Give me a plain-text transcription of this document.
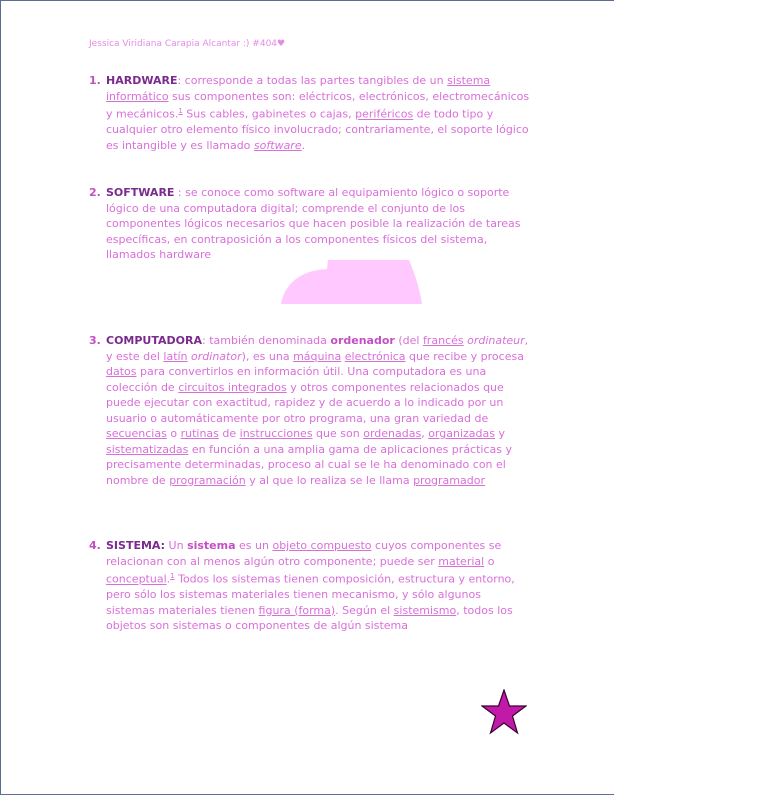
Jessica Viridiana Carapia Alcantar :) #404♥
1. HARDWARE: corresponde a todas las partes tangibles de un sistema informático sus componentes son: eléctricos, electrónicos, electromecánicos y mecánicos.$^1$ Sus cables, gabinetes o cajas, periféricos de todo tipo y cualquier otro elemento físico involucrado; contrariamente, el soporte lógico es intangible y es llamado software.
2. SOFTWARE : se conoce como software al equipamiento lógico o soporte lógico de una computadora digital; comprende el conjunto de los componentes lógicos necesarios que hacen posible la realización de tareas específicas, en contraposición a los componentes físicos del sistema, llamados hardware
3. COMPUTADORA: también denominada ordenador (del francés ordinateur, y este del latín ordinator), es una máquina electrónica que recibe y procesa datos para convertirlos en información útil. Una computadora es una colección de circuitos integrados y otros componentes relacionados que puede ejecutar con exactitud, rapidez y de acuerdo a lo indicado por un usuario o automáticamente por otro programa, una gran variedad de secuencias o rutinas de instrucciones que son ordenadas, organizadas y sistematizadas en función a una amplia gama de aplicaciones prácticas y precisamente determinadas, proceso al cual se le ha denominado con el nombre de programación y al que lo realiza se le llama programador
4. SISTEMA: Un sistema es un objeto compuesto cuyos componentes se relacionan con al menos algún otro componente; puede ser material o conceptual.$^1$ Todos los sistemas tienen composición, estructura y entorno, pero sólo los sistemas materiales tienen mecanismo, y sólo algunos sistemas materiales tienen figura (forma). Según el sistemismo, todos los objetos son sistemas o componentes de algún sistema
